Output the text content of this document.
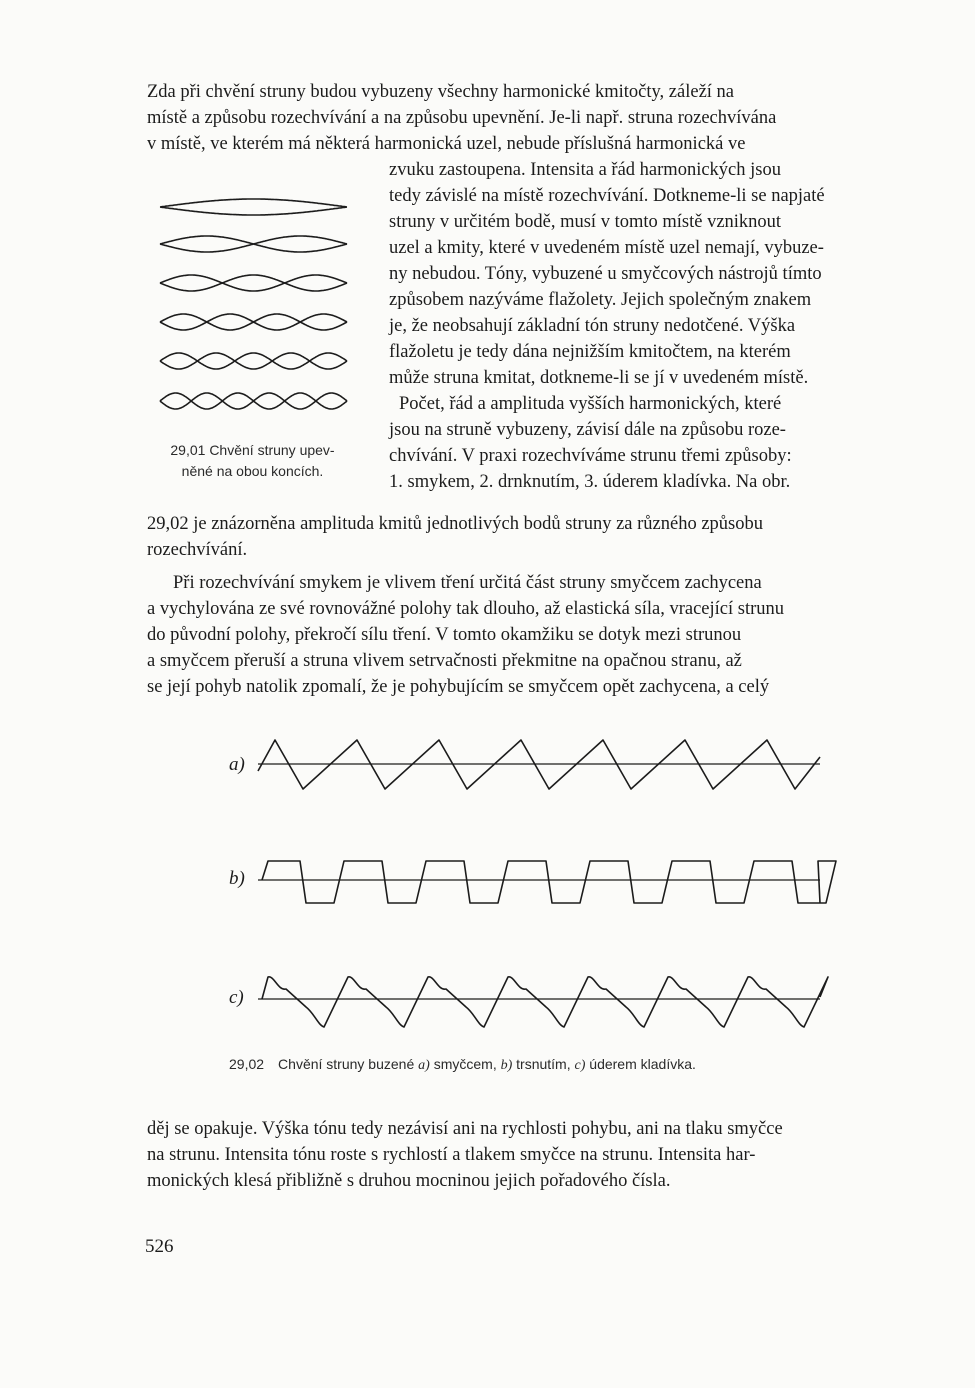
a)
b)
c)

Zda při chvění struny budou vybuzeny všechny harmonické kmitočty, záleží na
místě a způsobu rozechvívání a na způsobu upevnění. Je-li např. struna rozechvívána
v místě, ve kterém má některá harmonická uzel, nebude příslušná harmonická ve

zvuku zastoupena. Intensita a řád harmonických jsou
tedy závislé na místě rozechvívání. Dotkneme-li se napjaté
struny v určitém bodě, musí v tomto místě vzniknout
uzel a kmity, které v uvedeném místě uzel nemají, vybuze-
ny nebudou. Tóny, vybuzené u smyčcových nástrojů tímto
způsobem nazýváme flažolety. Jejich společným znakem
je, že neobsahují základní tón struny nedotčené. Výška
flažoletu je tedy dána nejnižším kmitočtem, na kterém
může struna kmitat, dotkneme-li se jí v uvedeném místě.
Počet, řád a amplituda vyšších harmonických, které
jsou na struně vybuzeny, závisí dále na způsobu roze-
chvívání. V praxi rozechvíváme strunu třemi způsoby:
1. smykem, 2. drnknutím, 3. úderem kladívka. Na obr.

29,01 Chvění struny upev-
něné na obou koncích.

29,02 je znázorněna amplituda kmitů jednotlivých bodů struny za různého způsobu
rozechvívání.

Při rozechvívání smykem je vlivem tření určitá část struny smyčcem zachycena
a vychylována ze své rovnovážné polohy tak dlouho, až elastická síla, vracející strunu
do původní polohy, překročí sílu tření. V tomto okamžiku se dotyk mezi strunou
a smyčcem přeruší a struna vlivem setrvačnosti překmitne na opačnou stranu, až
se její pohyb natolik zpomalí, že je pohybujícím se smyčcem opět zachycena, a celý

29,02 Chvění struny buzené a) smyčcem, b) trsnutím, c) úderem kladívka.

děj se opakuje. Výška tónu tedy nezávisí ani na rychlosti pohybu, ani na tlaku smyčce
na strunu. Intensita tónu roste s rychlostí a tlakem smyčce na strunu. Intensita har-
monických klesá přibližně s druhou mocninou jejich pořadového čísla.

526
